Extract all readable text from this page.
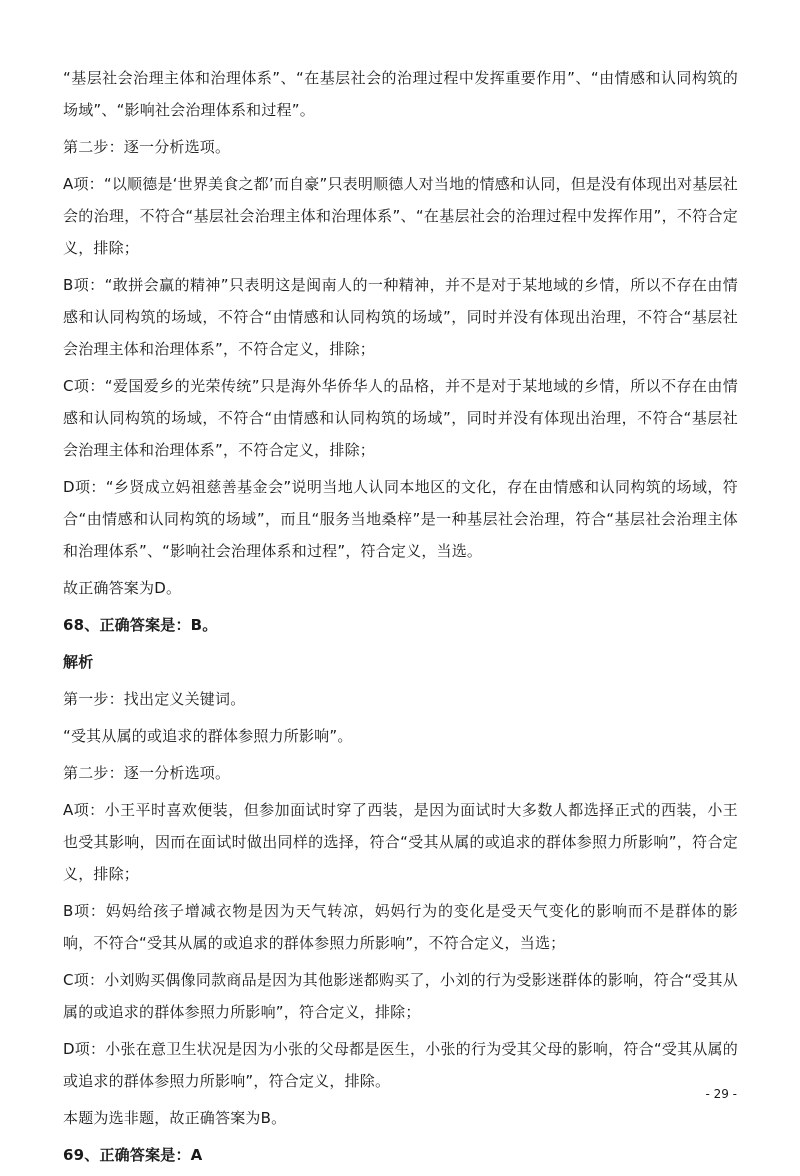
“基层社会治理主体和治理体系”、“在基层社会的治理过程中发挥重要作用”、“由情感和认同构筑的场域”、“影响社会治理体系和过程”。

第二步：逐一分析选项。

A项：“以顺德是‘世界美食之都’而自豪”只表明顺德人对当地的情感和认同，但是没有体现出对基层社会的治理，不符合“基层社会治理主体和治理体系”、“在基层社会的治理过程中发挥作用”，不符合定义，排除；

B项：“敢拼会赢的精神”只表明这是闽南人的一种精神，并不是对于某地域的乡情，所以不存在由情感和认同构筑的场域，不符合“由情感和认同构筑的场域”，同时并没有体现出治理，不符合“基层社会治理主体和治理体系”，不符合定义，排除；

C项：“爱国爱乡的光荣传统”只是海外华侨华人的品格，并不是对于某地域的乡情，所以不存在由情感和认同构筑的场域，不符合“由情感和认同构筑的场域”，同时并没有体现出治理，不符合“基层社会治理主体和治理体系”，不符合定义，排除；

D项：“乡贤成立妈祖慈善基金会”说明当地人认同本地区的文化，存在由情感和认同构筑的场域，符合“由情感和认同构筑的场域”，而且“服务当地桑梓”是一种基层社会治理，符合“基层社会治理主体和治理体系”、“影响社会治理体系和过程”，符合定义，当选。

故正确答案为D。

68、正确答案是：B。

解析

第一步：找出定义关键词。

“受其从属的或追求的群体参照力所影响”。

第二步：逐一分析选项。

A项：小王平时喜欢便装，但参加面试时穿了西装，是因为面试时大多数人都选择正式的西装，小王也受其影响，因而在面试时做出同样的选择，符合“受其从属的或追求的群体参照力所影响”，符合定义，排除；

B项：妈妈给孩子增减衣物是因为天气转凉，妈妈行为的变化是受天气变化的影响而不是群体的影响，不符合“受其从属的或追求的群体参照力所影响”，不符合定义，当选；

C项：小刘购买偶像同款商品是因为其他影迷都购买了，小刘的行为受影迷群体的影响，符合“受其从属的或追求的群体参照力所影响”，符合定义，排除；

D项：小张在意卫生状况是因为小张的父母都是医生，小张的行为受其父母的影响，符合“受其从属的或追求的群体参照力所影响”，符合定义，排除。

本题为选非题，故正确答案为B。

69、正确答案是：A

- 29 -
